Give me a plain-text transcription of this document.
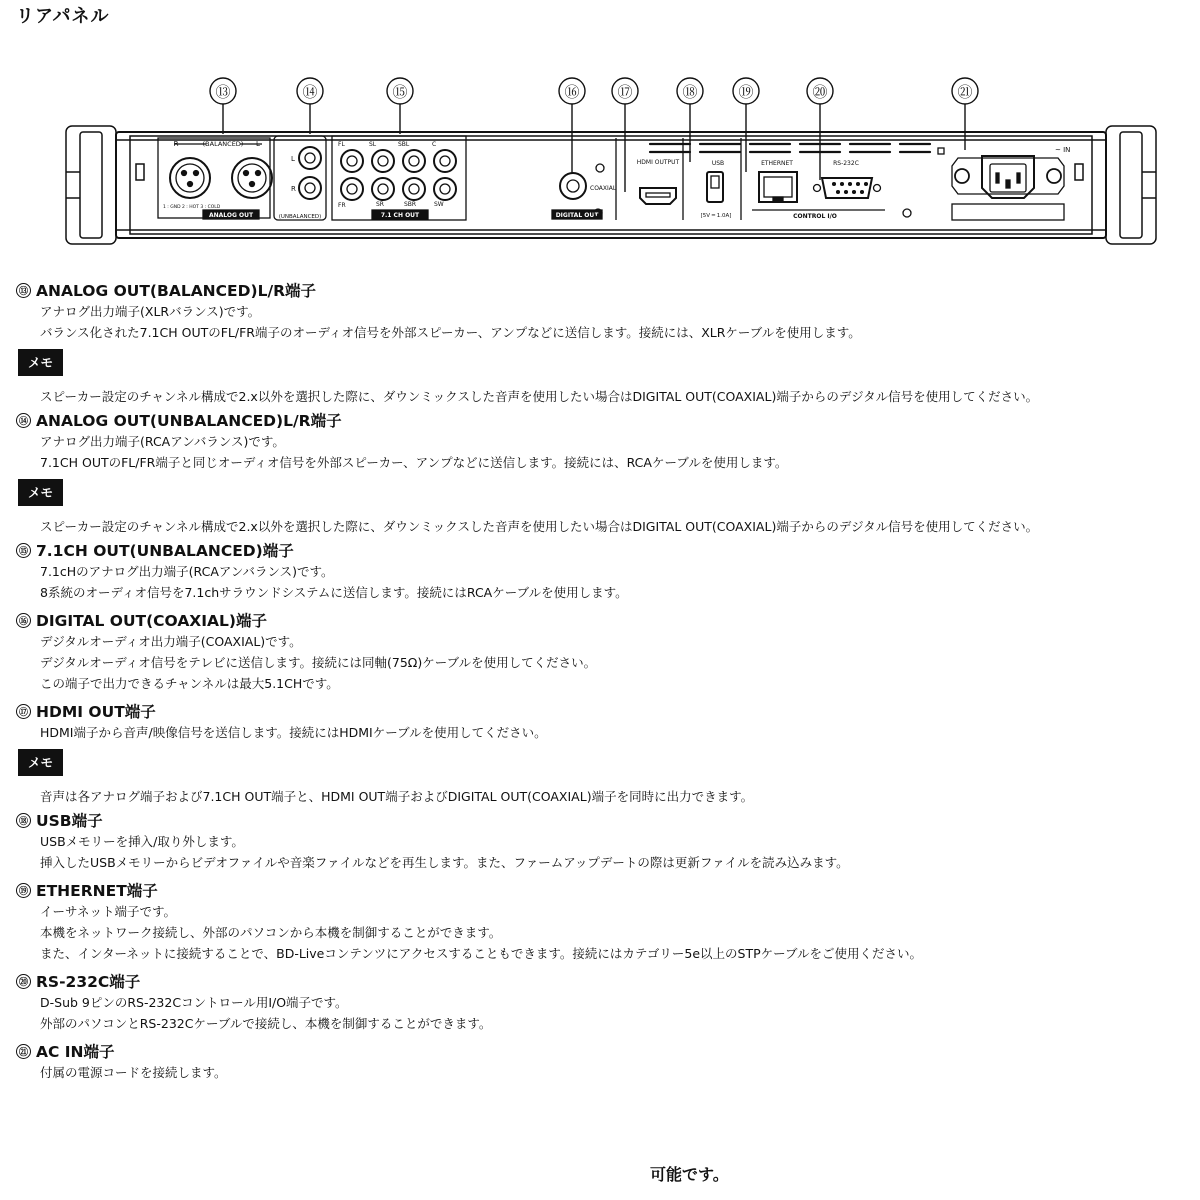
リアパネル
⑬	⑭	⑮	⑯	⑰	⑱	⑲	⑳	㉑
(BALANCED)
R	L
ANALOG OUT
1 : GND 2 : HOT 3 : COLD
L
R
(UNBALANCED)
FL	SL	SBL	C
FR	SR	SBR	SW
7.1 CH OUT
COAXIAL
DIGITAL OUT
HDMI OUTPUT	USB
[5V ═ 1.0A]
ETHERNET	RS-232C
CONTROL I/O
~ IN
⑬ ANALOG OUT(BALANCED)L/R端子
アナログ出力端子(XLRバランス)です。
バランス化された7.1CH OUTのFL/FR端子のオーディオ信号を外部スピーカー、アンプなどに送信します。接続には、XLRケーブルを使用します。
メモ
スピーカー設定のチャンネル構成で2.x以外を選択した際に、ダウンミックスした音声を使用したい場合はDIGITAL OUT(COAXIAL)端子からのデジタル信号を使用してください。
⑭ ANALOG OUT(UNBALANCED)L/R端子
アナログ出力端子(RCAアンバランス)です。
7.1CH OUTのFL/FR端子と同じオーディオ信号を外部スピーカー、アンプなどに送信します。接続には、RCAケーブルを使用します。
メモ
スピーカー設定のチャンネル構成で2.x以外を選択した際に、ダウンミックスした音声を使用したい場合はDIGITAL OUT(COAXIAL)端子からのデジタル信号を使用してください。
⑮ 7.1CH OUT(UNBALANCED)端子
7.1cHのアナログ出力端子(RCAアンバランス)です。
8系統のオーディオ信号を7.1chサラウンドシステムに送信します。接続にはRCAケーブルを使用します。
⑯ DIGITAL OUT(COAXIAL)端子
デジタルオーディオ出力端子(COAXIAL)です。
デジタルオーディオ信号をテレビに送信します。接続には同軸(75Ω)ケーブルを使用してください。
この端子で出力できるチャンネルは最大5.1CHです。
⑰ HDMI OUT端子
HDMI端子から音声/映像信号を送信します。接続にはHDMIケーブルを使用してください。
メモ
音声は各アナログ端子および7.1CH OUT端子と、HDMI OUT端子およびDIGITAL OUT(COAXIAL)端子を同時に出力できます。
⑱ USB端子
USBメモリーを挿入/取り外します。
挿入したUSBメモリーからビデオファイルや音楽ファイルなどを再生します。また、ファームアップデートの際は更新ファイルを読み込みます。
⑲ ETHERNET端子
イーサネット端子です。
本機をネットワーク接続し、外部のパソコンから本機を制御することができます。
また、インターネットに接続することで、BD-Liveコンテンツにアクセスすることもできます。接続にはカテゴリー5e以上のSTPケーブルをご使用ください。
⑳ RS-232C端子
D-Sub 9ピンのRS-232Cコントロール用I/O端子です。
外部のパソコンとRS-232Cケーブルで接続し、本機を制御することができます。
㉑ AC IN端子
付属の電源コードを接続します。
可能です。
